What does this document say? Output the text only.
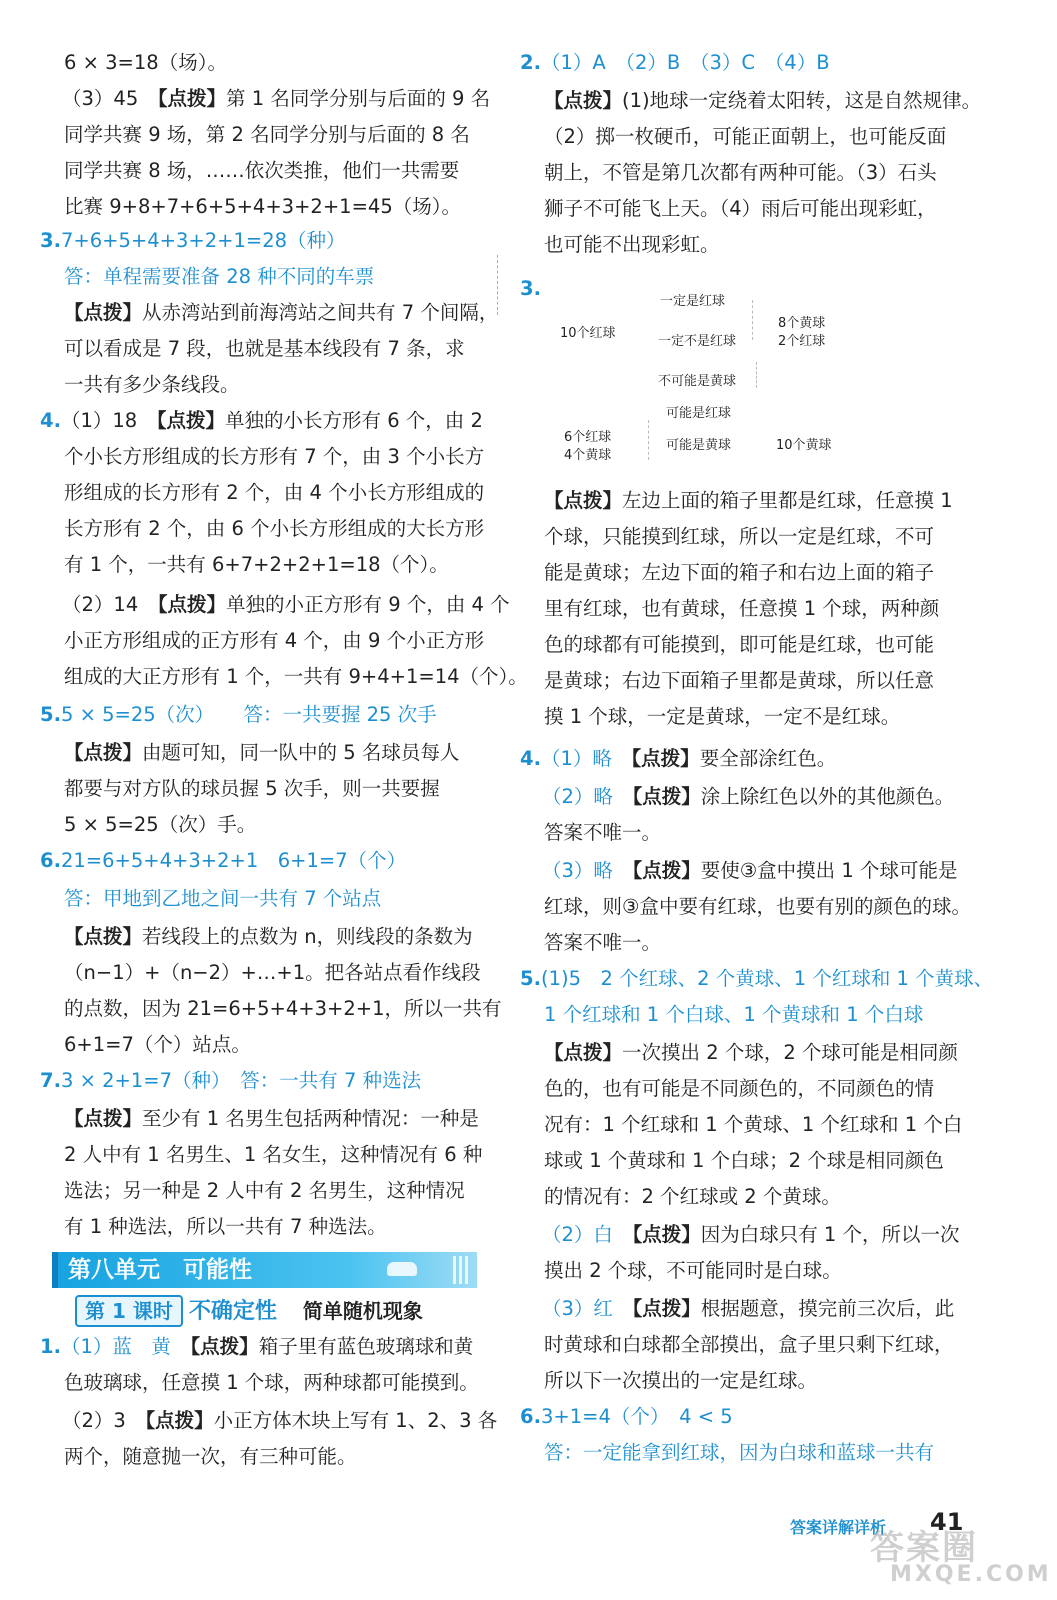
6 × 3=18（场）。
（3）45　 【点拨】第 1 名同学分别与后面的 9 名
同学共赛 9 场，第 2 名同学分别与后面的 8 名
同学共赛 8 场，……依次类推，他们一共需要
比赛 9+8+7+6+5+4+3+2+1=45（场）。
3.7+6+5+4+3+2+1=28（种）
答：单程需要准备 28 种不同的车票
【点拨】从赤湾站到前海湾站之间共有 7 个间隔，
可以看成是 7 段，也就是基本线段有 7 条，求
一共有多少条线段。
4.（1）18　 【点拨】单独的小长方形有 6 个，由 2
个小长方形组成的长方形有 7 个，由 3 个小长方
形组成的长方形有 2 个，由 4 个小长方形组成的
长方形有 2 个，由 6 个小长方形组成的大长方形
有 1 个，一共有 6+7+2+2+1=18（个）。
（2）14　 【点拨】单独的小正方形有 9 个，由 4 个
小正方形组成的正方形有 4 个，由 9 个小正方形
组成的大正方形有 1 个，一共有 9+4+1=14（个）。
5.5 × 5=25（次）　　 答：一共要握 25 次手
【点拨】由题可知，同一队中的 5 名球员每人
都要与对方队的球员握 5 次手，则一共要握
5 × 5=25（次）手。
6.21=6+5+4+3+2+1　6+1=7（个）
答：甲地到乙地之间一共有 7 个站点
【点拨】若线段上的点数为 n，则线段的条数为
（n−1）+（n−2）+…+1。把各站点看作线段
的点数，因为 21=6+5+4+3+2+1，所以一共有
6+1=7（个）站点。
7.3 × 2+1=7（种）　 答：一共有 7 种选法
【点拨】至少有 1 名男生包括两种情况：一种是
2 人中有 1 名男生、1 名女生，这种情况有 6 种
选法；另一种是 2 人中有 2 名男生，这种情况
有 1 种选法，所以一共有 7 种选法。
1.（1）蓝　黄　 【点拨】箱子里有蓝色玻璃球和黄
色玻璃球，任意摸 1 个球，两种球都可能摸到。
（2）3　 【点拨】小正方体木块上写有 1、2、3 各
两个，随意抛一次，有三种可能。
第八单元　可能性
第 1 课时 不确定性 简单随机现象
2.（1）A　（2）B　（3）C　（4）B
【点拨】(1)地球一定绕着太阳转，这是自然规律。
（2）掷一枚硬币，可能正面朝上，也可能反面
朝上，不管是第几次都有两种可能。（3）石头
狮子不可能飞上天。（4）雨后可能出现彩虹，
也可能不出现彩虹。
3.
【点拨】左边上面的箱子里都是红球，任意摸 1
个球，只能摸到红球，所以一定是红球，不可
能是黄球；左边下面的箱子和右边上面的箱子
里有红球，也有黄球，任意摸 1 个球，两种颜
色的球都有可能摸到，即可能是红球，也可能
是黄球；右边下面箱子里都是黄球，所以任意
摸 1 个球，一定是黄球，一定不是红球。
4.（1）略　 【点拨】要全部涂红色。
（2）略　 【点拨】涂上除红色以外的其他颜色。
答案不唯一。
（3）略　 【点拨】要使③盒中摸出 1 个球可能是
红球，则③盒中要有红球，也要有别的颜色的球。
答案不唯一。
5.(1)5　2 个红球、2 个黄球、1 个红球和 1 个黄球、
1 个红球和 1 个白球、1 个黄球和 1 个白球
【点拨】一次摸出 2 个球，2 个球可能是相同颜
色的，也有可能是不同颜色的，不同颜色的情
况有：1 个红球和 1 个黄球、1 个红球和 1 个白
球或 1 个黄球和 1 个白球；2 个球是相同颜色
的情况有：2 个红球或 2 个黄球。
（2）白　 【点拨】因为白球只有 1 个，所以一次
摸出 2 个球，不可能同时是白球。
（3）红　 【点拨】根据题意，摸完前三次后，此
时黄球和白球都全部摸出，盒子里只剩下红球，
所以下一次摸出的一定是红球。
6.3+1=4（个）　4 < 5
答：一定能拿到红球，因为白球和蓝球一共有
10个红球
8个黄球
2个红球
6个红球
4个黄球
10个黄球
一定是红球
一定不是红球
不可能是黄球
可能是红球
可能是黄球
答案详解详析 41
答案圈
MXQE.COM
